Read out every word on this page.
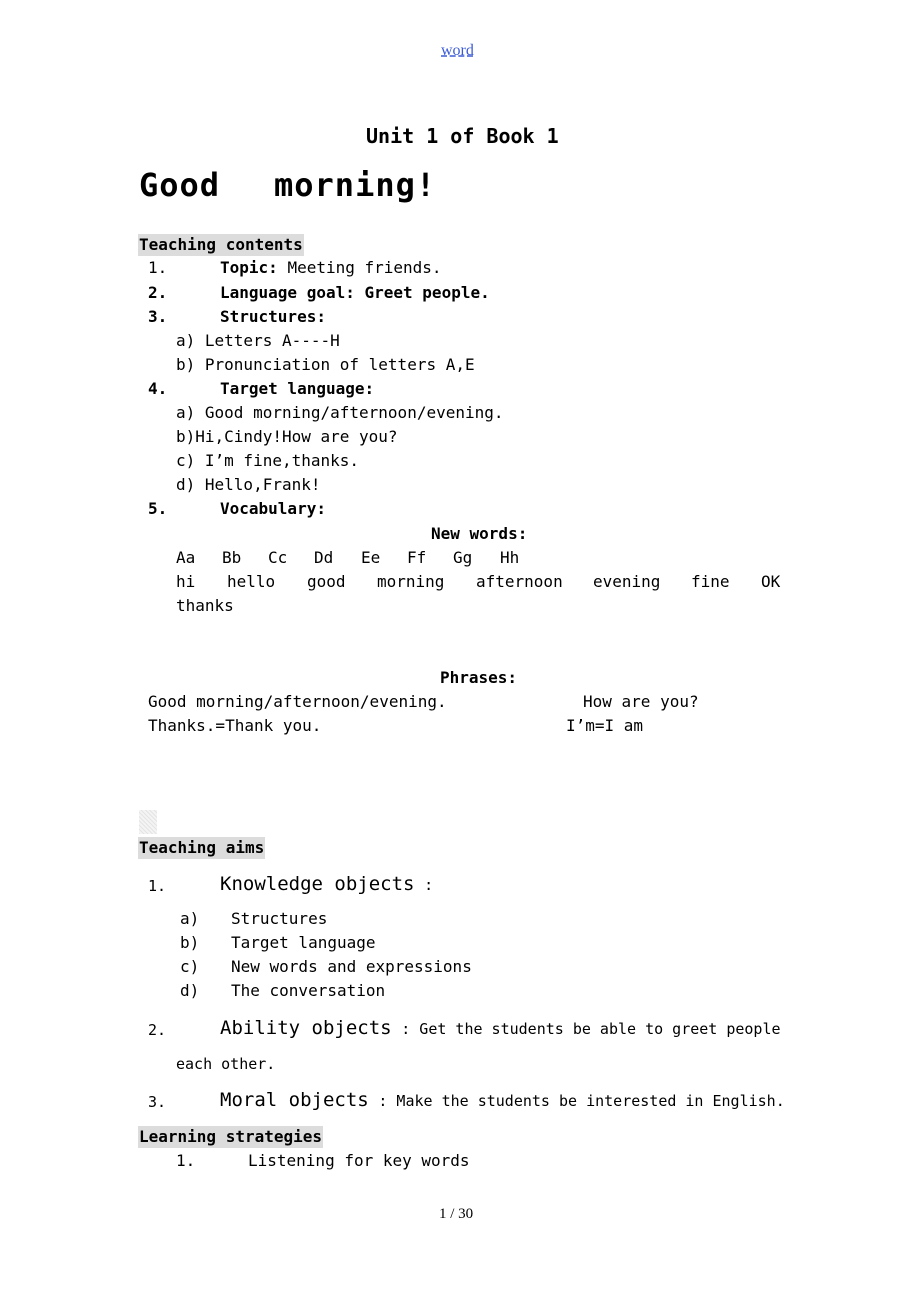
word
Unit 1 of Book 1
Good morning!
Teaching contents
1.	Topic: Meeting friends.
2.	Language goal: Greet people.
3.	Structures:
a) Letters A----H
b) Pronunciation of letters A,E
4.	Target language:
a) Good morning/afternoon/evening.
b)Hi,Cindy!How are you?
c) I’m fine,thanks.
d) Hello,Frank!
5.	Vocabulary:
New words:
Aa Bb Cc Dd Ee Ff Gg Hh
hi hello good morning afternoon evening fine OK
thanks
Phrases:
Good morning/afternoon/evening.	How are you?
Thanks.=Thank you.	I’m=I am
Teaching aims
1.	Knowledge objects :
a) Structures
b) Target language
c) New words and expressions
d) The conversation
2.	Ability objects : Get the students be able to greet people
each other.
3.	Moral objects : Make the students be interested in English.
Learning strategies
1.	Listening for key words
1 / 30
